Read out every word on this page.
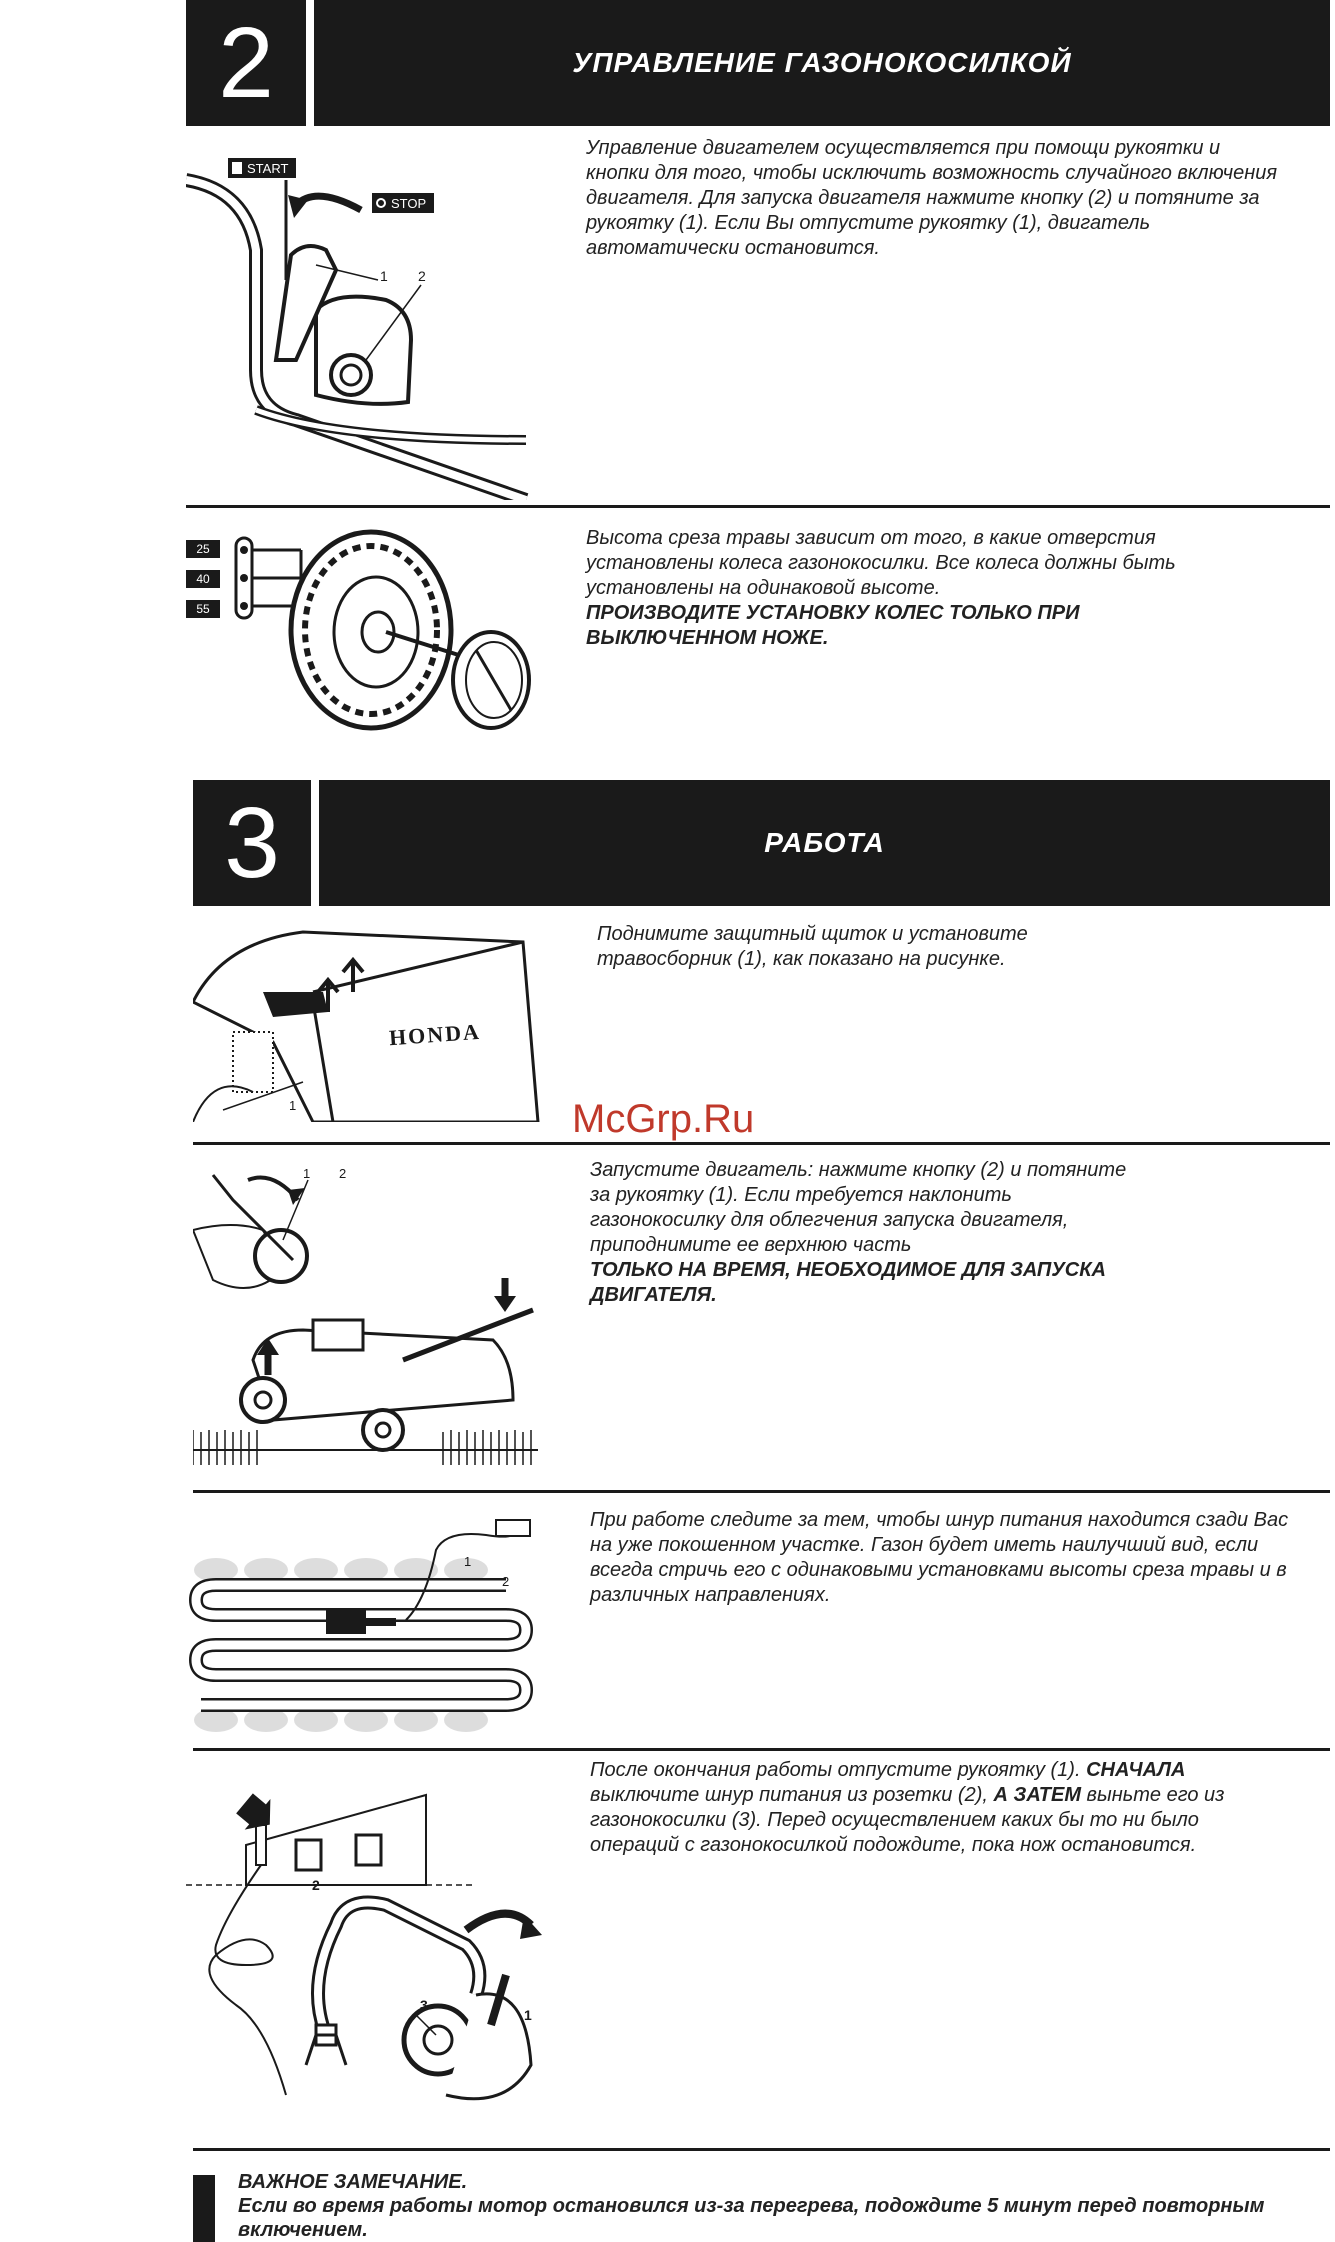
2	УПРАВЛЕНИЕ ГАЗОНОКОСИЛКОЙ
START
STOP
1 2
Управление двигателем осуществляется при помощи рукоятки и кнопки для того, чтобы исключить возможность случайного включения двигателя. Для запуска двигателя нажмите кнопку (2) и потяните за рукоятку (1). Если Вы отпустите рукоятку (1), двигатель автоматически остановится.
25
40
55
Высота среза травы зависит от того, в какие отверстия установлены колеса газонокосилки. Все колеса должны быть установлены на одинаковой высоте.
ПРОИЗВОДИТЕ УСТАНОВКУ КОЛЕС ТОЛЬКО ПРИ ВЫКЛЮЧЕННОМ НОЖЕ.
3	РАБОТА
HONDA
1
Поднимите защитный щиток и установите травосборник (1), как показано на рисунке.
McGrp.Ru
1 2	Запустите двигатель: нажмите кнопку (2) и потяните за рукоятку (1). Если требуется наклонить газонокосилку для облегчения запуска двигателя, приподнимите ее верхнюю часть
ТОЛЬКО НА ВРЕМЯ, НЕОБХОДИМОЕ ДЛЯ ЗАПУСКА ДВИГАТЕЛЯ.
1
2
При работе следите за тем, чтобы шнур питания находится сзади Вас на уже покошенном участке. Газон будет иметь наилучший вид, если всегда стричь его с одинаковыми установками высоты среза травы и в различных направлениях.
2
3
1
После окончания работы отпустите рукоятку (1). СНАЧАЛА выключите шнур питания из розетки (2), А ЗАТЕМ выньте его из газонокосилки (3). Перед осуществлением каких бы то ни было операций с газонокосилкой подождите, пока нож остановится.
ВАЖНОЕ ЗАМЕЧАНИЕ.
Если во время работы мотор остановился из-за перегрева, подождите 5 минут перед повторным включением.
